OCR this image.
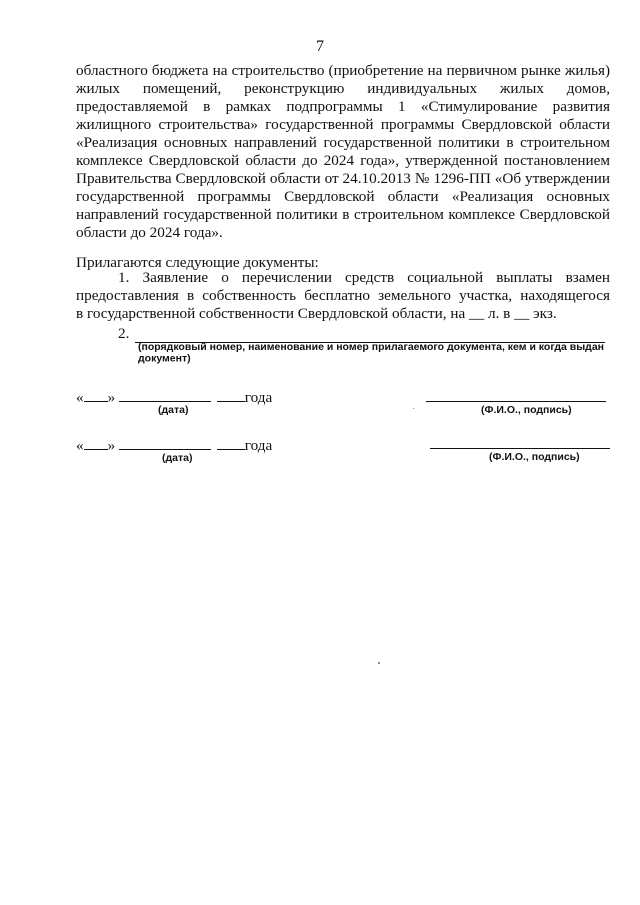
7
областного бюджета на строительство (приобретение на первичном рынке жилья)
жилых помещений, реконструкцию индивидуальных жилых домов,
предоставляемой в рамках подпрограммы 1 «Стимулирование развития
жилищного строительства» государственной программы Свердловской области
«Реализация основных направлений государственной политики в строительном
комплексе Свердловской области до 2024 года», утвержденной постановлением
Правительства Свердловской области от 24.10.2013 № 1296-ПП «Об утверждении
государственной программы Свердловской области «Реализация основных
направлений государственной политики в строительном комплексе Свердловской
области до 2024 года».
Прилагаются следующие документы:
1. Заявление о перечислении средств социальной выплаты взамен
предоставления в собственность бесплатно земельного участка, находящегося
в государственной собственности Свердловской области, на __ л. в __ экз.
2.
(порядковый номер, наименование и номер прилагаемого документа, кем и когда выдан документ)
« »	года
(дата)	(Ф.И.О., подпись)
« »	года
(дата)	(Ф.И.О., подпись)
